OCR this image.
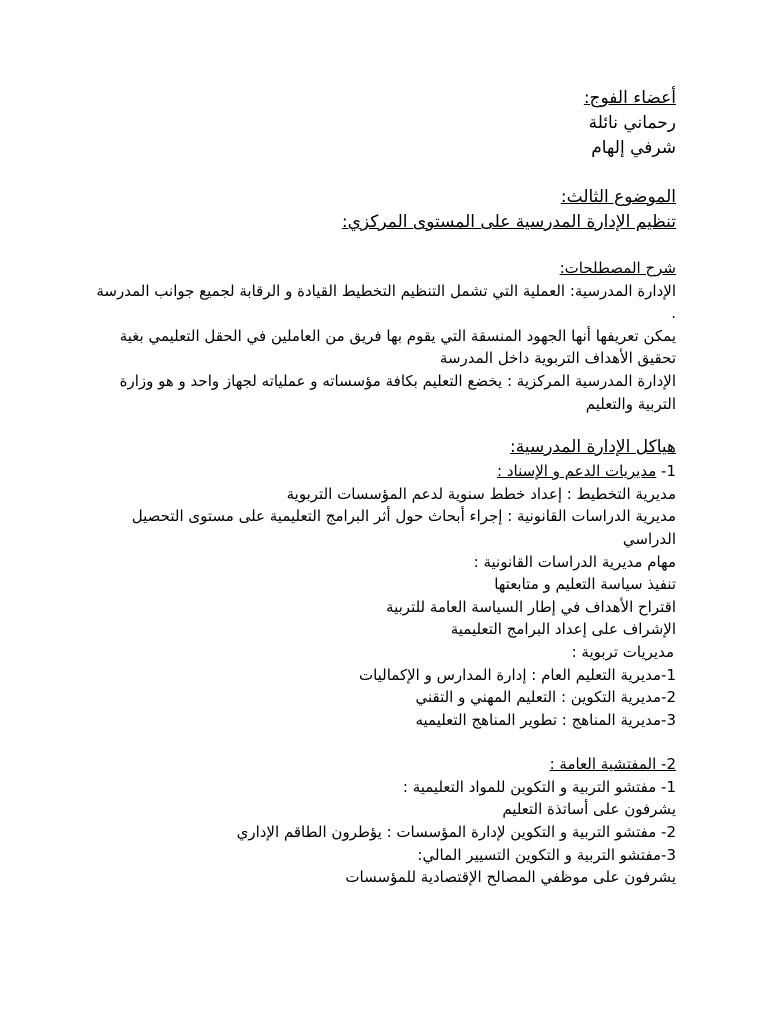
أعضاء الفوج:

رحماني نائلة

شرفي إلهام

الموضوع الثالث:

تنظيم الإدارة المدرسية على المستوى المركزي:

شرح المصطلحات:

الإدارة المدرسية: العملية التي تشمل التنظيم التخطيط القيادة و الرقابة لجميع جوانب المدرسة .

يمكن تعريفها أنها الجهود المنسقة التي يقوم بها فريق من العاملين في الحقل التعليمي بغية تحقيق الأهداف التربوية داخل المدرسة

الإدارة المدرسية المركزية : يخضع التعليم بكافة مؤسساته و عملياته لجهاز واحد و هو وزارة التربية والتعليم

هياكل الإدارة المدرسية:

1- مديريات الدعم و الإسناد :

مديرية التخطيط : إعداد خطط سنوية لدعم المؤسسات التربوية

مديرية الدراسات القانونية : إجراء أبحاث حول أثر البرامج التعليمية على مستوى التحصيل الدراسي

مهام مديرية الدراسات القانونية :

تنفيذ سياسة التعليم و متابعتها

اقتراح الأهداف في إطار السياسة العامة للتربية

الإشراف على إعداد البرامج التعليمية

مديريات تربوية :

1-مديرية التعليم العام : إدارة المدارس و الإكماليات

2-مديرية التكوين : التعليم المهني و التقني

3-مديرية المناهج : تطوير المناهج التعليميه

2- المفتشية العامة :

1- مفتشو التربية و التكوين للمواد التعليمية :

يشرفون على أساتذة التعليم

2- مفتشو التربية و التكوين لإدارة المؤسسات : يؤطرون الطاقم الإداري

3-مفتشو التربية و التكوين التسيير المالي:

يشرفون على موظفي المصالح الإقتصادية للمؤسسات
